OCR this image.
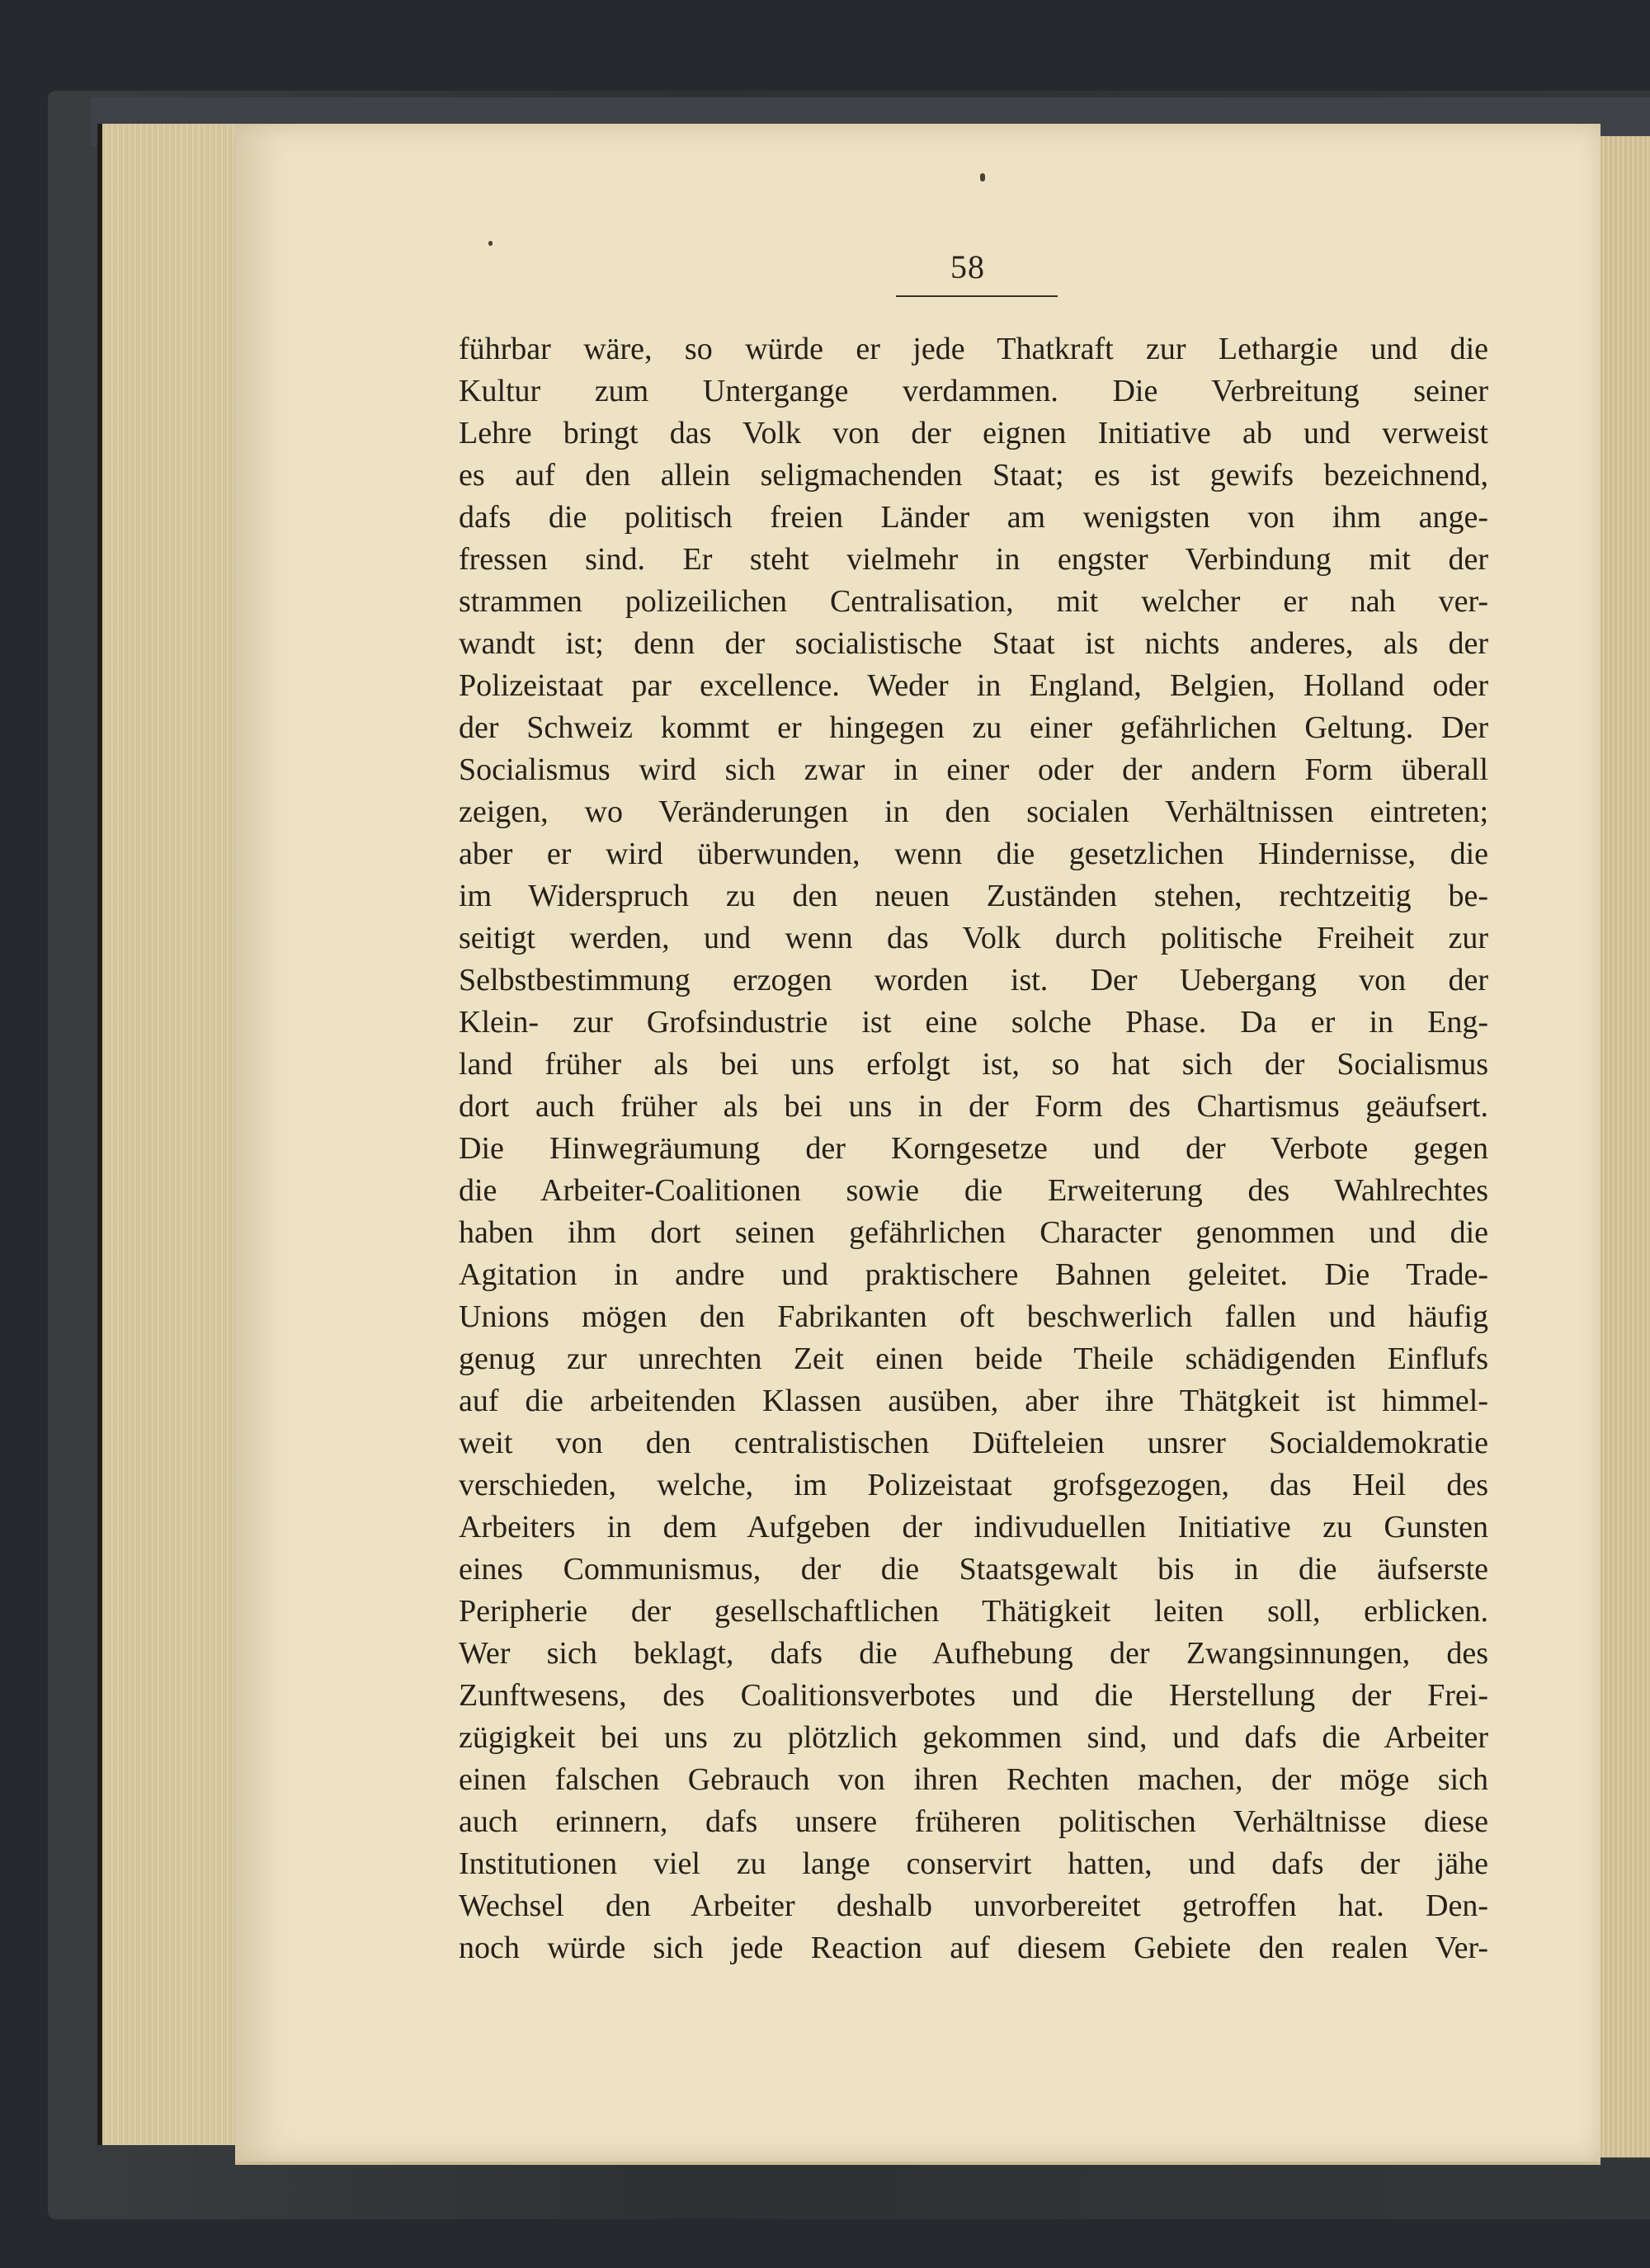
58
führbar wäre, so würde er jede Thatkraft zur Lethargie und die
Kultur zum Untergange verdammen. Die Verbreitung seiner
Lehre bringt das Volk von der eignen Initiative ab und verweist
es auf den allein seligmachenden Staat; es ist gewifs bezeichnend,
dafs die politisch freien Länder am wenigsten von ihm ange-
fressen sind. Er steht vielmehr in engster Verbindung mit der
strammen polizeilichen Centralisation, mit welcher er nah ver-
wandt ist; denn der socialistische Staat ist nichts anderes, als der
Polizeistaat par excellence. Weder in England, Belgien, Holland oder
der Schweiz kommt er hingegen zu einer gefährlichen Geltung. Der
Socialismus wird sich zwar in einer oder der andern Form überall
zeigen, wo Veränderungen in den socialen Verhältnissen eintreten;
aber er wird überwunden, wenn die gesetzlichen Hindernisse, die
im Widerspruch zu den neuen Zuständen stehen, rechtzeitig be-
seitigt werden, und wenn das Volk durch politische Freiheit zur
Selbstbestimmung erzogen worden ist. Der Uebergang von der
Klein- zur Grofsindustrie ist eine solche Phase. Da er in Eng-
land früher als bei uns erfolgt ist, so hat sich der Socialismus
dort auch früher als bei uns in der Form des Chartismus geäufsert.
Die Hinwegräumung der Korngesetze und der Verbote gegen
die Arbeiter-Coalitionen sowie die Erweiterung des Wahlrechtes
haben ihm dort seinen gefährlichen Character genommen und die
Agitation in andre und praktischere Bahnen geleitet. Die Trade-
Unions mögen den Fabrikanten oft beschwerlich fallen und häufig
genug zur unrechten Zeit einen beide Theile schädigenden Einflufs
auf die arbeitenden Klassen ausüben, aber ihre Thätgkeit ist himmel-
weit von den centralistischen Düfteleien unsrer Socialdemokratie
verschieden, welche, im Polizeistaat grofsgezogen, das Heil des
Arbeiters in dem Aufgeben der indivuduellen Initiative zu Gunsten
eines Communismus, der die Staatsgewalt bis in die äufserste
Peripherie der gesellschaftlichen Thätigkeit leiten soll, erblicken.
Wer sich beklagt, dafs die Aufhebung der Zwangsinnungen, des
Zunftwesens, des Coalitionsverbotes und die Herstellung der Frei-
zügigkeit bei uns zu plötzlich gekommen sind, und dafs die Arbeiter
einen falschen Gebrauch von ihren Rechten machen, der möge sich
auch erinnern, dafs unsere früheren politischen Verhältnisse diese
Institutionen viel zu lange conservirt hatten, und dafs der jähe
Wechsel den Arbeiter deshalb unvorbereitet getroffen hat. Den-
noch würde sich jede Reaction auf diesem Gebiete den realen Ver-
